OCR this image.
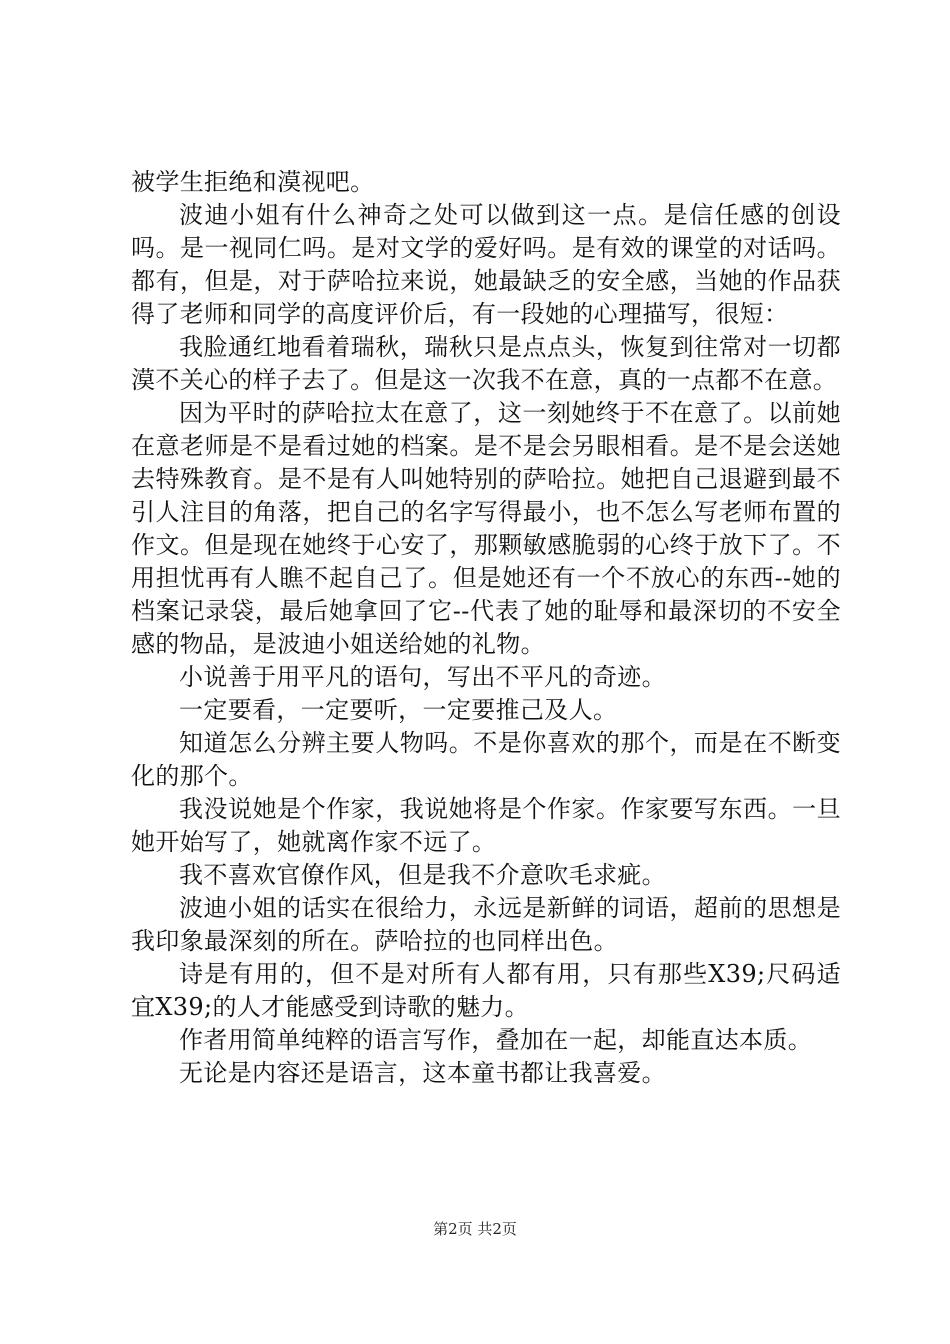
被学生拒绝和漠视吧。

波迪小姐有什么神奇之处可以做到这一点。是信任感的创设吗。是一视同仁吗。是对文学的爱好吗。是有效的课堂的对话吗。都有，但是，对于萨哈拉来说，她最缺乏的安全感，当她的作品获得了老师和同学的高度评价后，有一段她的心理描写，很短：

我脸通红地看着瑞秋，瑞秋只是点点头，恢复到往常对一切都漠不关心的样子去了。但是这一次我不在意，真的一点都不在意。

因为平时的萨哈拉太在意了，这一刻她终于不在意了。以前她在意老师是不是看过她的档案。是不是会另眼相看。是不是会送她去特殊教育。是不是有人叫她特别的萨哈拉。她把自己退避到最不引人注目的角落，把自己的名字写得最小，也不怎么写老师布置的作文。但是现在她终于心安了，那颗敏感脆弱的心终于放下了。不用担忧再有人瞧不起自己了。但是她还有一个不放心的东西--她的档案记录袋，最后她拿回了它--代表了她的耻辱和最深切的不安全感的物品，是波迪小姐送给她的礼物。

小说善于用平凡的语句，写出不平凡的奇迹。

一定要看，一定要听，一定要推己及人。

知道怎么分辨主要人物吗。不是你喜欢的那个，而是在不断变化的那个。

我没说她是个作家，我说她将是个作家。作家要写东西。一旦她开始写了，她就离作家不远了。

我不喜欢官僚作风，但是我不介意吹毛求疵。

波迪小姐的话实在很给力，永远是新鲜的词语，超前的思想是我印象最深刻的所在。萨哈拉的也同样出色。

诗是有用的，但不是对所有人都有用，只有那些X39;尺码适宜X39;的人才能感受到诗歌的魅力。

作者用简单纯粹的语言写作，叠加在一起，却能直达本质。

无论是内容还是语言，这本童书都让我喜爱。

第2页 共2页
